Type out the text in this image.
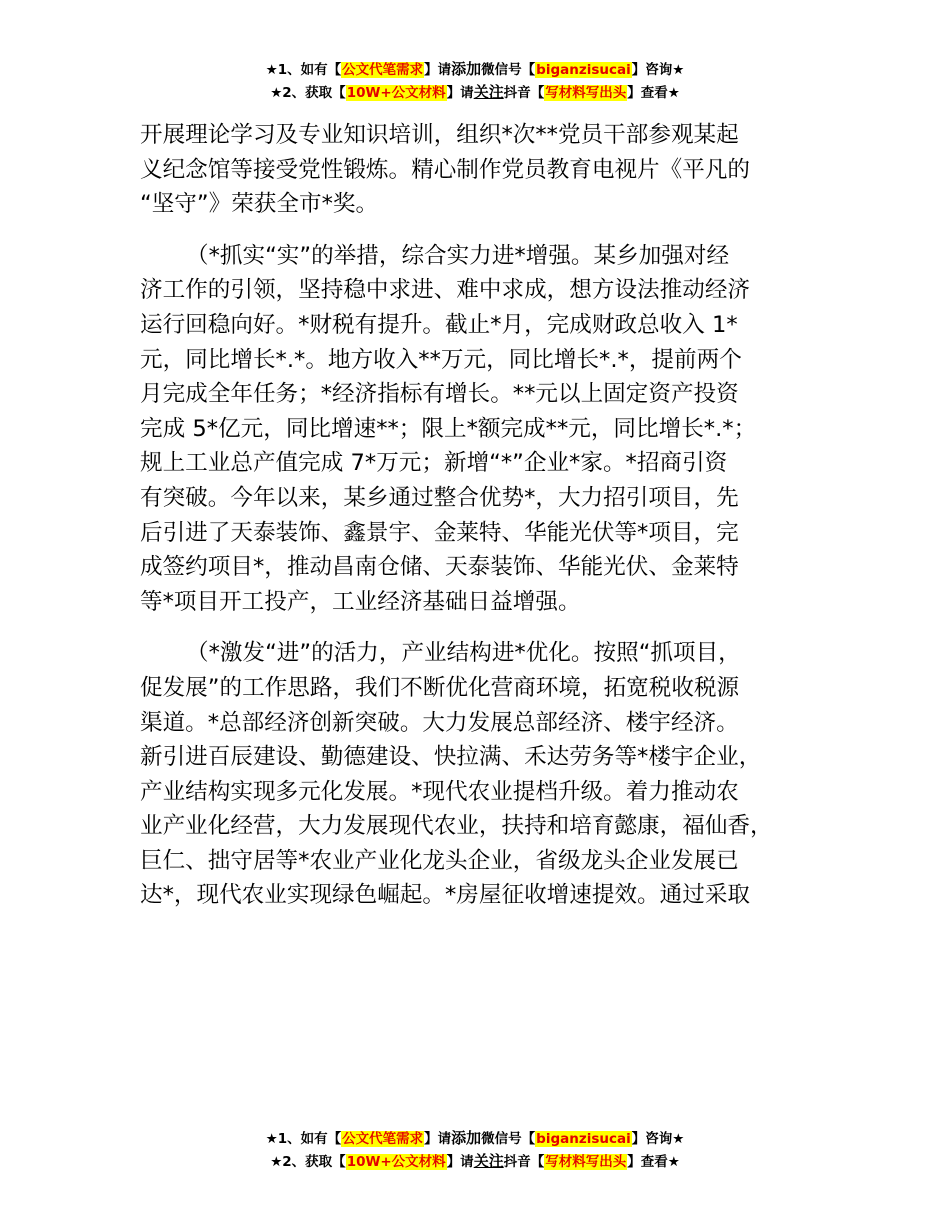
★1、如有【公文代笔需求】请添加微信号【biganzisucai】咨询★
★2、获取【10W+公文材料】请关注抖音【写材料写出头】查看★
开展理论学习及专业知识培训，组织*次**党员干部参观某起
义纪念馆等接受党性锻炼。精心制作党员教育电视片《平凡的
“坚守”》荣获全市*奖。
（*抓实“实”的举措，综合实力进*增强。某乡加强对经
济工作的引领，坚持稳中求进、难中求成，想方设法推动经济
运行回稳向好。*财税有提升。截止*月，完成财政总收入 1*
元，同比增长*.*。地方收入**万元，同比增长*.*，提前两个
月完成全年任务；*经济指标有增长。**元以上固定资产投资
完成 5*亿元，同比增速**；限上*额完成**元，同比增长*.*；
规上工业总产值完成 7*万元；新增“*”企业*家。*招商引资
有突破。今年以来，某乡通过整合优势*，大力招引项目，先
后引进了天泰装饰、鑫景宇、金莱特、华能光伏等*项目，完
成签约项目*，推动昌南仓储、天泰装饰、华能光伏、金莱特
等*项目开工投产，工业经济基础日益增强。
（*激发“进”的活力，产业结构进*优化。按照“抓项目，
促发展”的工作思路，我们不断优化营商环境，拓宽税收税源
渠道。*总部经济创新突破。大力发展总部经济、楼宇经济。
新引进百辰建设、勤德建设、快拉满、禾达劳务等*楼宇企业，
产业结构实现多元化发展。*现代农业提档升级。着力推动农
业产业化经营，大力发展现代农业，扶持和培育懿康，福仙香，
巨仁、拙守居等*农业产业化龙头企业，省级龙头企业发展已
达*，现代农业实现绿色崛起。*房屋征收增速提效。通过采取
★1、如有【公文代笔需求】请添加微信号【biganzisucai】咨询★
★2、获取【10W+公文材料】请关注抖音【写材料写出头】查看★
